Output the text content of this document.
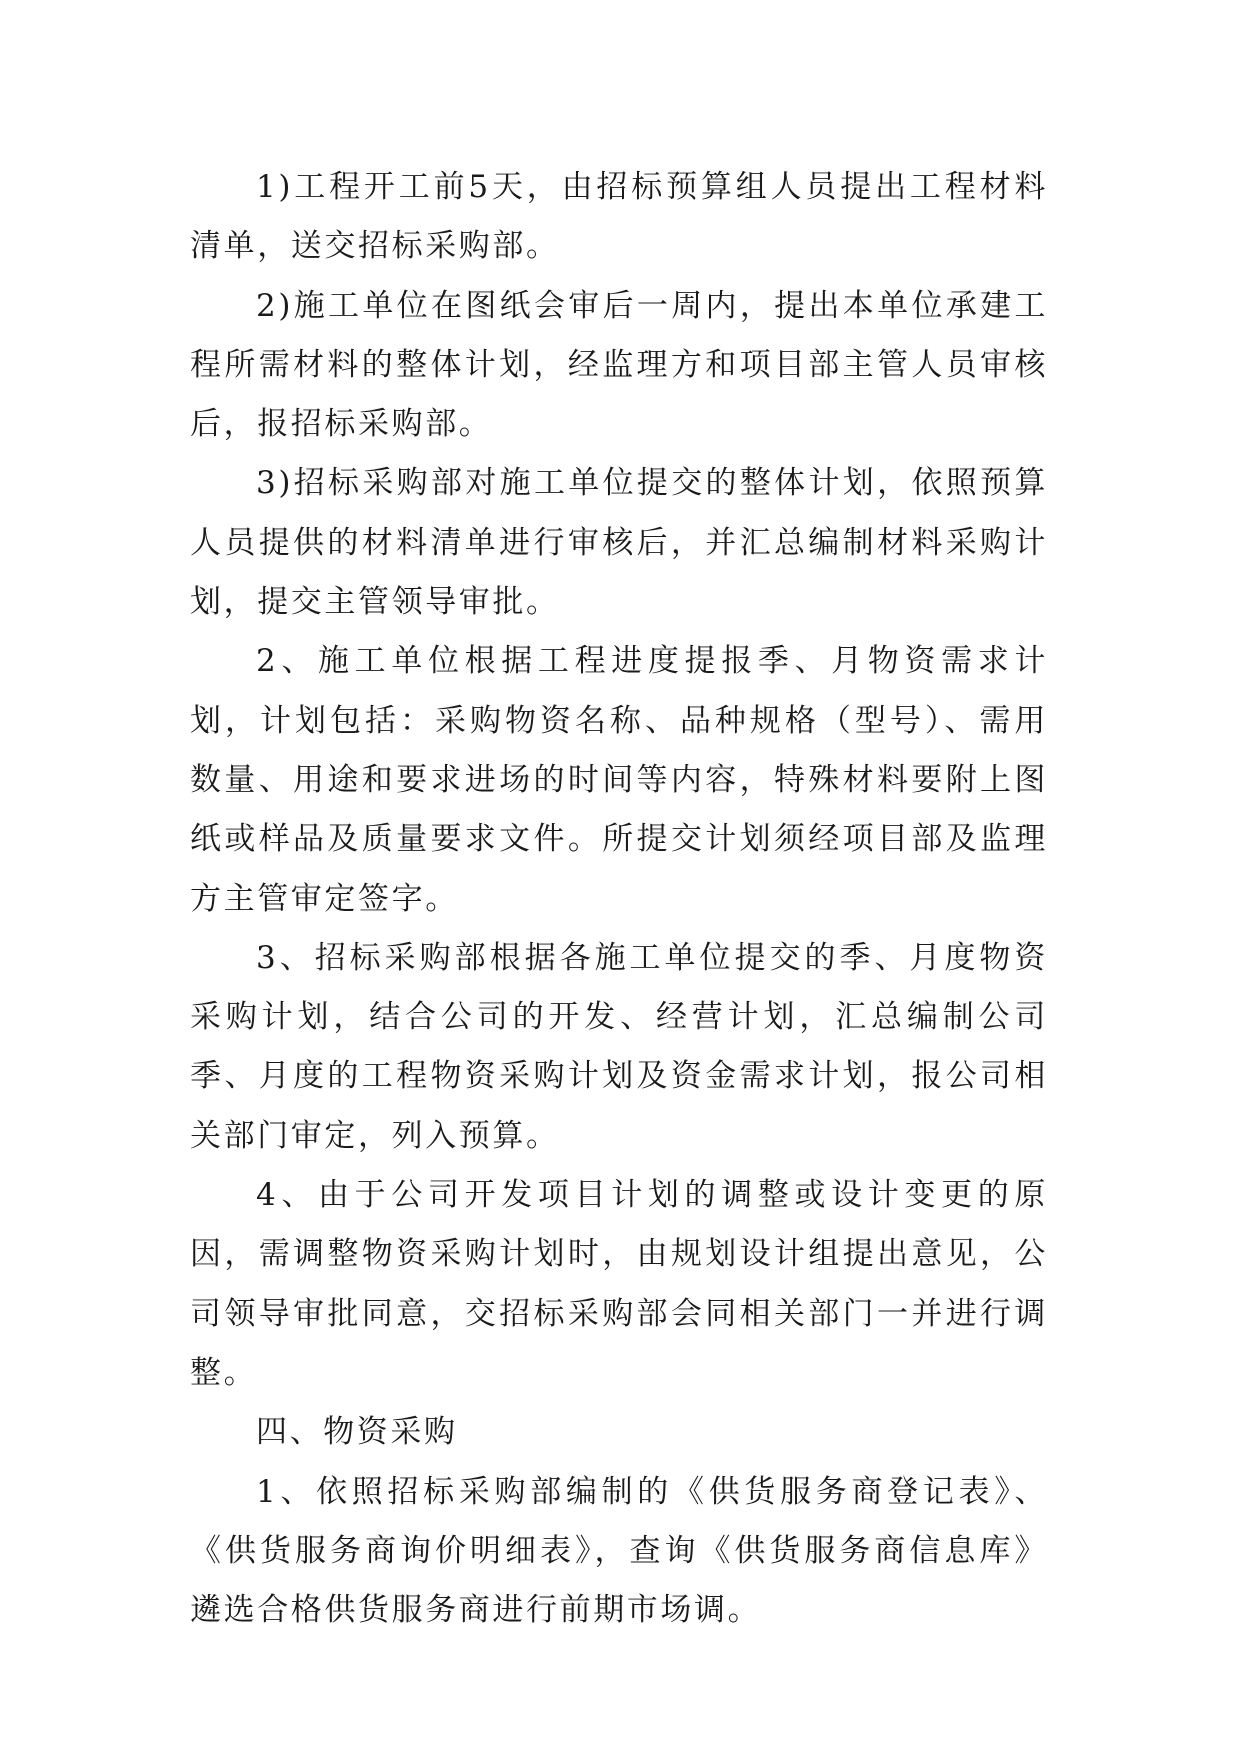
1)工程开工前5天，由招标预算组人员提出工程材料清单，送交招标采购部。

2)施工单位在图纸会审后一周内，提出本单位承建工程所需材料的整体计划，经监理方和项目部主管人员审核后，报招标采购部。

3)招标采购部对施工单位提交的整体计划，依照预算人员提供的材料清单进行审核后，并汇总编制材料采购计划，提交主管领导审批。

2、施工单位根据工程进度提报季、月物资需求计划，计划包括：采购物资名称、品种规格（型号）、需用数量、用途和要求进场的时间等内容，特殊材料要附上图纸或样品及质量要求文件。所提交计划须经项目部及监理方主管审定签字。

3、招标采购部根据各施工单位提交的季、月度物资采购计划，结合公司的开发、经营计划，汇总编制公司季、月度的工程物资采购计划及资金需求计划，报公司相关部门审定，列入预算。

4、由于公司开发项目计划的调整或设计变更的原因，需调整物资采购计划时，由规划设计组提出意见，公司领导审批同意，交招标采购部会同相关部门一并进行调整。

四、物资采购

1、依照招标采购部编制的《供货服务商登记表》、《供货服务商询价明细表》，查询《供货服务商信息库》遴选合格供货服务商进行前期市场调。
